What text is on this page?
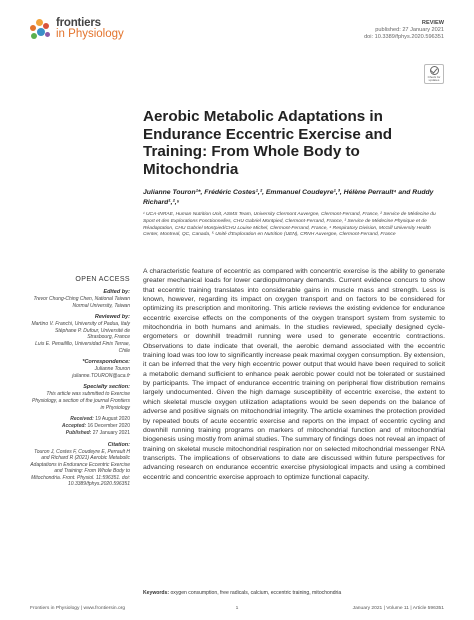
frontiers
in Physiology
REVIEW
published: 27 January 2021
doi: 10.3389/fphys.2020.596351
Check for updates
Aerobic Metabolic Adaptations in Endurance Eccentric Exercise and Training: From Whole Body to Mitochondria
Julianne Touron¹*, Frédéric Costes¹,², Emmanuel Coudeyre¹,³, Hélène Perrault⁴ and Ruddy Richard¹,²,⁵
¹ UCA-INRAE, Human Nutrition Unit, ASMS Team, University Clermont Auvergne, Clermont-Ferrand, France, ² Service de Médecine du Sport et des Explorations Fonctionnelles, CHU Gabriel Montpied, Clermont-Ferrand, France, ³ Service de Médecine Physique et de Réadaptation, CHU Gabriel Montpied/CHU Louise Michel, Clermont-Ferrand, France, ⁴ Respiratory Division, McGill University Health Center, Montreal, QC, Canada, ⁵ Unité d'Exploration en Nutrition (UEN), CRNH Auvergne, Clermont-Ferrand, France
OPEN ACCESS
Edited by:
Trevor Chung-Ching Chen, National Taiwan Normal University, Taiwan
Reviewed by:
Martino V. Franchi, University of Padua, Italy
Stéphane P. Dufour, Université de Strasbourg, France
Luis E. Penailillo, Universidad Finis Terrae, Chile
*Correspondence:
Julianne Touron
julianne.TOURON@uca.fr
Specialty section:
This article was submitted to Exercise Physiology, a section of the journal Frontiers in Physiology
Received: 19 August 2020
Accepted: 16 December 2020
Published: 27 January 2021
Citation:
Touron J, Costes F, Coudeyre E, Perrault H and Richard R (2021) Aerobic Metabolic Adaptations in Endurance Eccentric Exercise and Training: From Whole Body to Mitochondria. Front. Physiol. 11:596351. doi: 10.3389/fphys.2020.596351

A characteristic feature of eccentric as compared with concentric exercise is the ability to generate greater mechanical loads for lower cardiopulmonary demands. Current evidence concurs to show that eccentric training translates into considerable gains in muscle mass and strength. Less is known, however, regarding its impact on oxygen transport and on factors to be considered for optimizing its prescription and monitoring. This article reviews the existing evidence for endurance eccentric exercise effects on the components of the oxygen transport system from systemic to mitochondria in both humans and animals. In the studies reviewed, specially designed cycle-ergometers or downhill treadmill running were used to generate eccentric contractions. Observations to date indicate that overall, the aerobic demand associated with the eccentric training load was too low to significantly increase peak maximal oxygen consumption. By extension, it can be inferred that the very high eccentric power output that would have been required to solicit a metabolic demand sufficient to enhance peak aerobic power could not be tolerated or sustained by participants. The impact of endurance eccentric training on peripheral flow distribution remains largely undocumented. Given the high damage susceptibility of eccentric exercise, the extent to which skeletal muscle oxygen utilization adaptations would be seen depends on the balance of adverse and positive signals on mitochondrial integrity. The article examines the protection provided by repeated bouts of acute eccentric exercise and reports on the impact of eccentric cycling and downhill running training programs on markers of mitochondrial function and of mitochondrial biogenesis using mostly from animal studies. The summary of findings does not reveal an impact of training on skeletal muscle mitochondrial respiration nor on selected mitochondrial messenger RNA transcripts. The implications of observations to date are discussed within future perspectives for advancing research on endurance eccentric exercise physiological impacts and using a combined eccentric and concentric exercise approach to optimize functional capacity.

Keywords: oxygen consumption, free radicals, calcium, eccentric training, mitochondria
Frontiers in Physiology | www.frontiersin.org	1	January 2021 | Volume 11 | Article 596351
